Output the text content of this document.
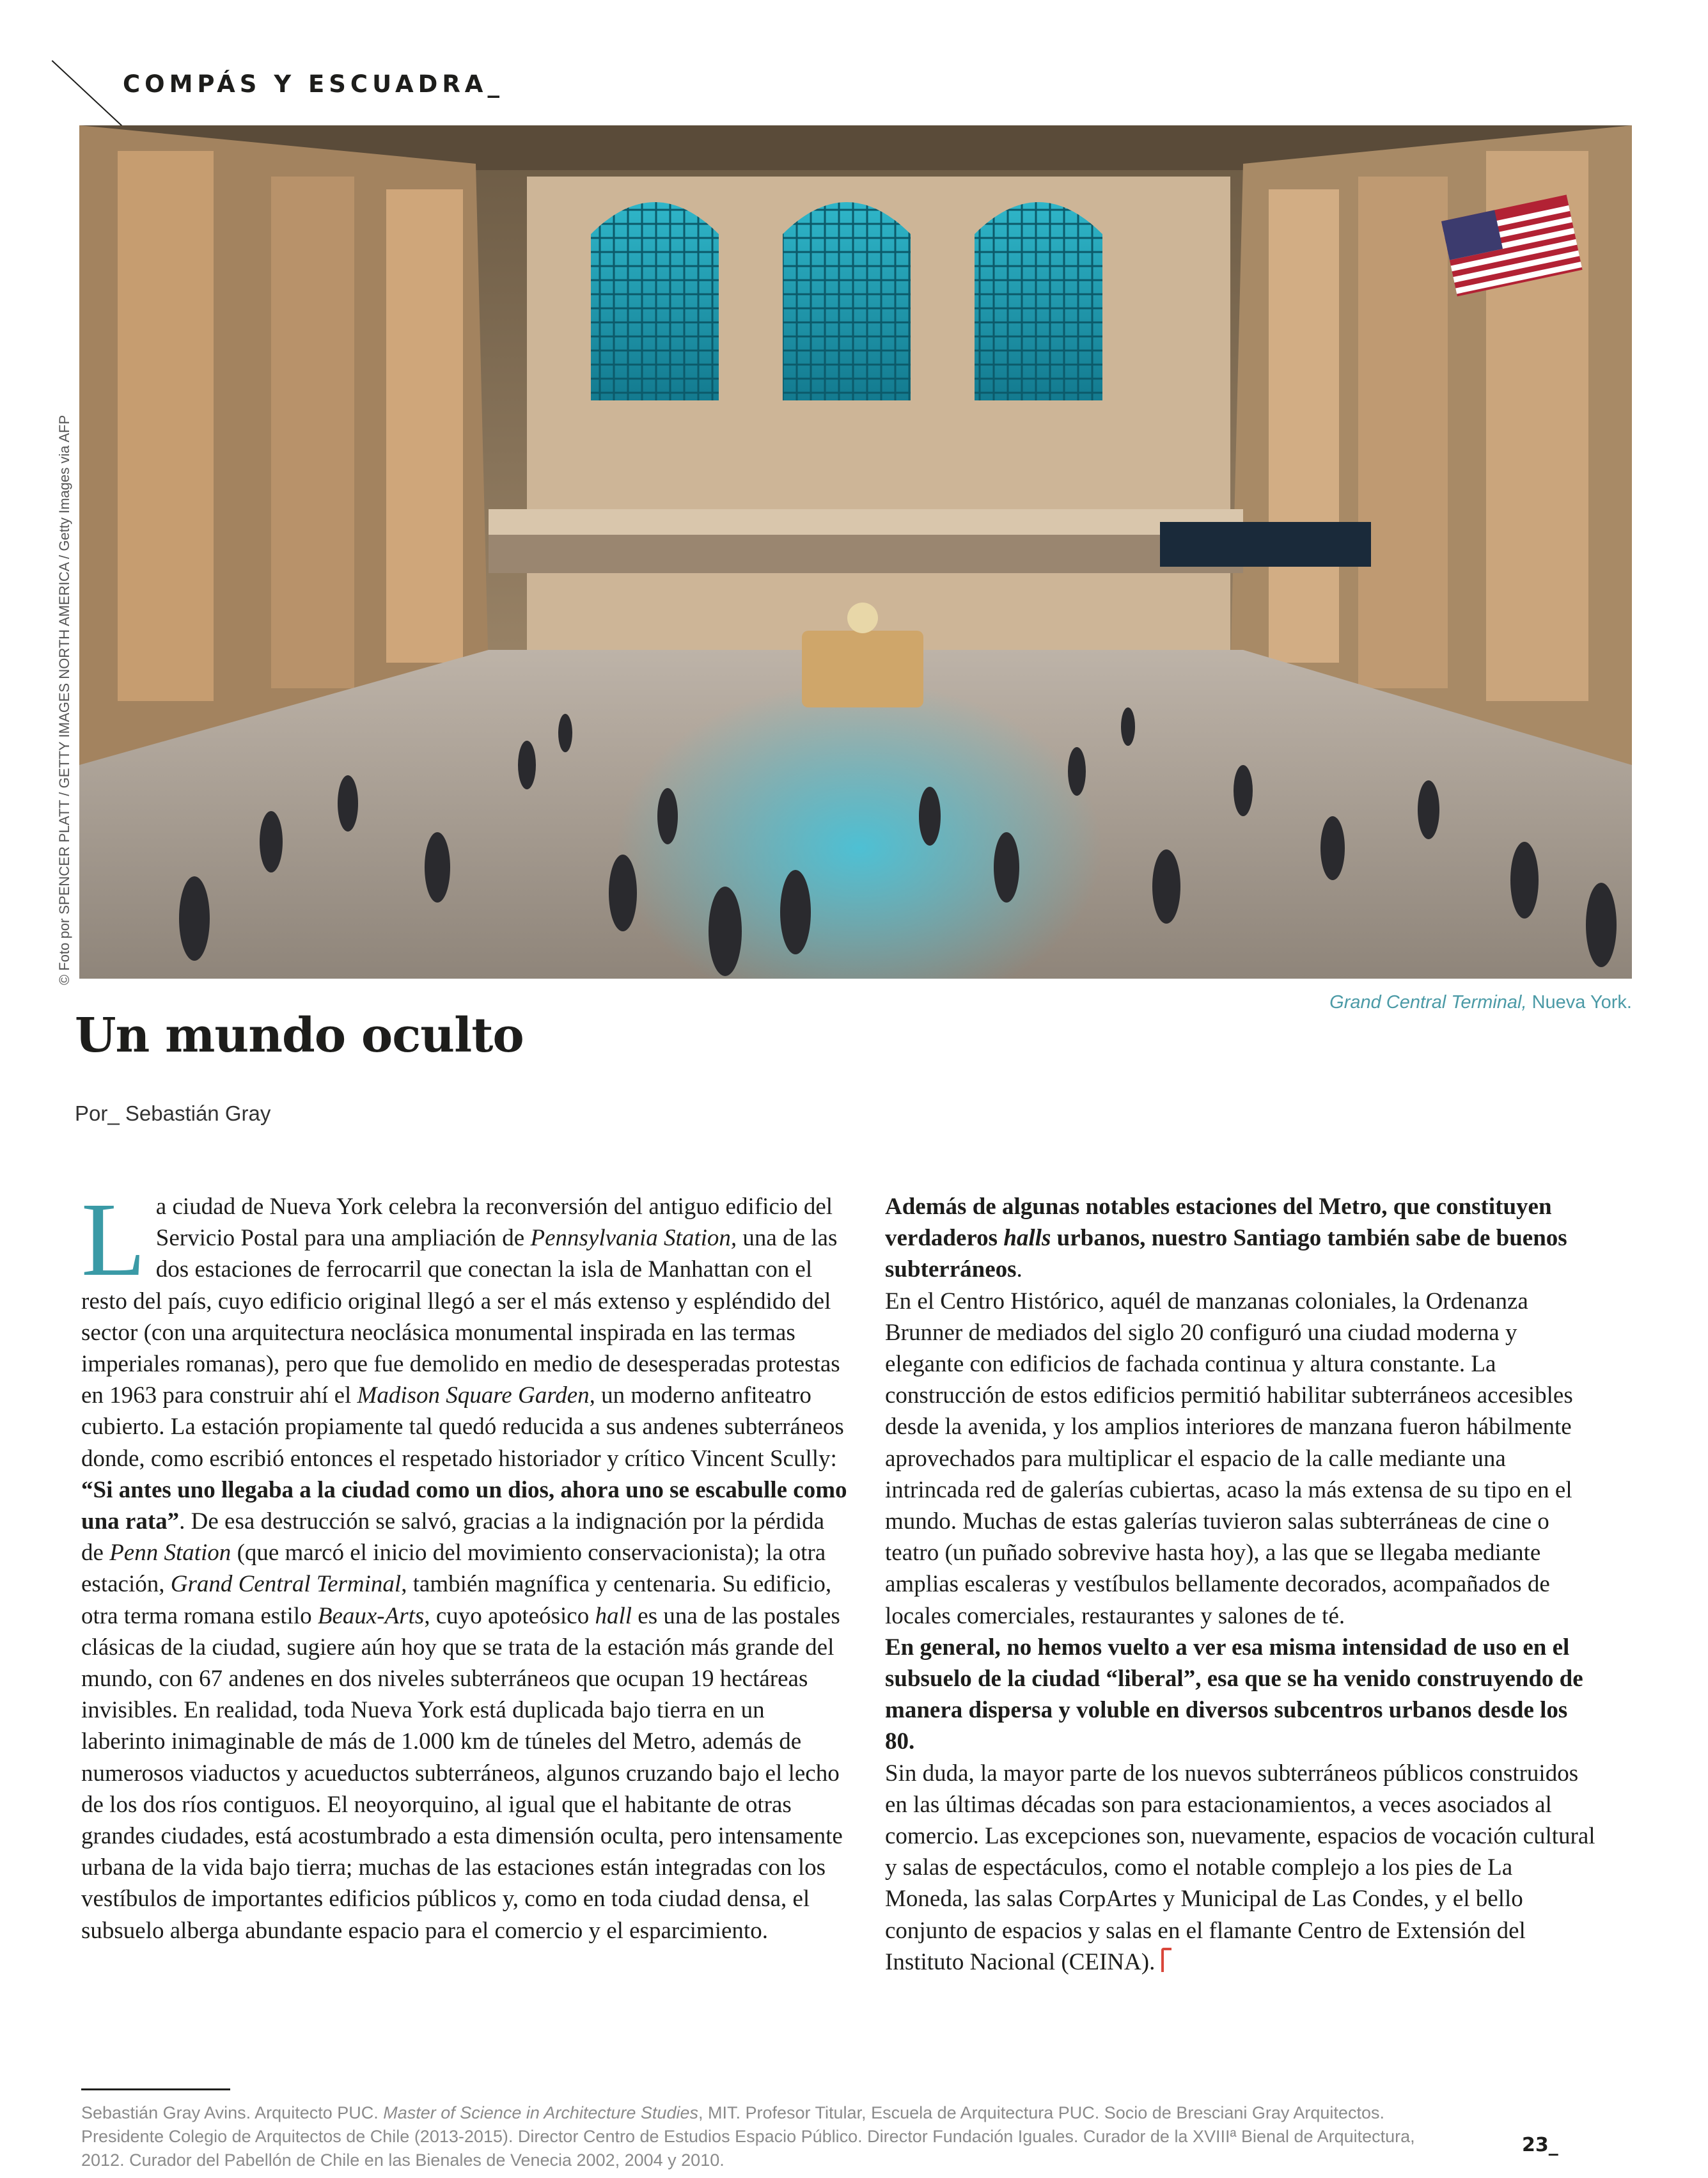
COMPÁS Y ESCUADRA_
© Foto por SPENCER PLATT / GETTY IMAGES NORTH AMERICA / Getty Images via AFP
Grand Central Terminal, Nueva York.
Un mundo oculto
Por_ Sebastián Gray

La ciudad de Nueva York celebra la reconversión del antiguo edificio del Servicio Postal para una ampliación de Pennsylvania Station, una de las dos estaciones de ferrocarril que conectan la isla de Manhattan con el resto del país, cuyo edificio original llegó a ser el más extenso y espléndido del sector (con una arquitectura neoclásica monumental inspirada en las termas imperiales romanas), pero que fue demolido en medio de desesperadas protestas en 1963 para construir ahí el Madison Square Garden, un moderno anfiteatro cubierto. La estación propiamente tal quedó reducida a sus andenes subterráneos donde, como escribió entonces el respetado historiador y crítico Vincent Scully: “Si antes uno llegaba a la ciudad como un dios, ahora uno se escabulle como una rata”. De esa destrucción se salvó, gracias a la indignación por la pérdida de Penn Station (que marcó el inicio del movimiento conservacionista); la otra estación, Grand Central Terminal, también magnífica y centenaria. Su edificio, otra terma romana estilo Beaux-Arts, cuyo apoteósico hall es una de las postales clásicas de la ciudad, sugiere aún hoy que se trata de la estación más grande del mundo, con 67 andenes en dos niveles subterráneos que ocupan 19 hectáreas invisibles. En realidad, toda Nueva York está duplicada bajo tierra en un laberinto inimaginable de más de 1.000 km de túneles del Metro, además de numerosos viaductos y acueductos subterráneos, algunos cruzando bajo el lecho de los dos ríos contiguos. El neoyorquino, al igual que el habitante de otras grandes ciudades, está acostumbrado a esta dimensión oculta, pero intensamente urbana de la vida bajo tierra; muchas de las estaciones están integradas con los vestíbulos de importantes edificios públicos y, como en toda ciudad densa, el subsuelo alberga abundante espacio para el comercio y el esparcimiento.

Además de algunas notables estaciones del Metro, que constituyen verdaderos halls urbanos, nuestro Santiago también sabe de buenos subterráneos.

En el Centro Histórico, aquél de manzanas coloniales, la Ordenanza Brunner de mediados del siglo 20 configuró una ciudad moderna y elegante con edificios de fachada continua y altura constante. La construcción de estos edificios permitió habilitar subterráneos accesibles desde la avenida, y los amplios interiores de manzana fueron hábilmente aprovechados para multiplicar el espacio de la calle mediante una intrincada red de galerías cubiertas, acaso la más extensa de su tipo en el mundo. Muchas de estas galerías tuvieron salas subterráneas de cine o teatro (un puñado sobrevive hasta hoy), a las que se llegaba mediante amplias escaleras y vestíbulos bellamente decorados, acompañados de locales comerciales, restaurantes y salones de té.

En general, no hemos vuelto a ver esa misma intensidad de uso en el subsuelo de la ciudad “liberal”, esa que se ha venido construyendo de manera dispersa y voluble en diversos subcentros urbanos desde los 80.

Sin duda, la mayor parte de los nuevos subterráneos públicos construidos en las últimas décadas son para estacionamientos, a veces asociados al comercio. Las excepciones son, nuevamente, espacios de vocación cultural y salas de espectáculos, como el notable complejo a los pies de La Moneda, las salas CorpArtes y Municipal de Las Condes, y el bello conjunto de espacios y salas en el flamante Centro de Extensión del Instituto Nacional (CEINA).

Sebastián Gray Avins. Arquitecto PUC. Master of Science in Architecture Studies, MIT. Profesor Titular, Escuela de Arquitectura PUC. Socio de Bresciani Gray Arquitectos. Presidente Colegio de Arquitectos de Chile (2013-2015). Director Centro de Estudios Espacio Público. Director Fundación Iguales. Curador de la XVIIIª Bienal de Arquitectura, 2012. Curador del Pabellón de Chile en las Bienales de Venecia 2002, 2004 y 2010.
23_
